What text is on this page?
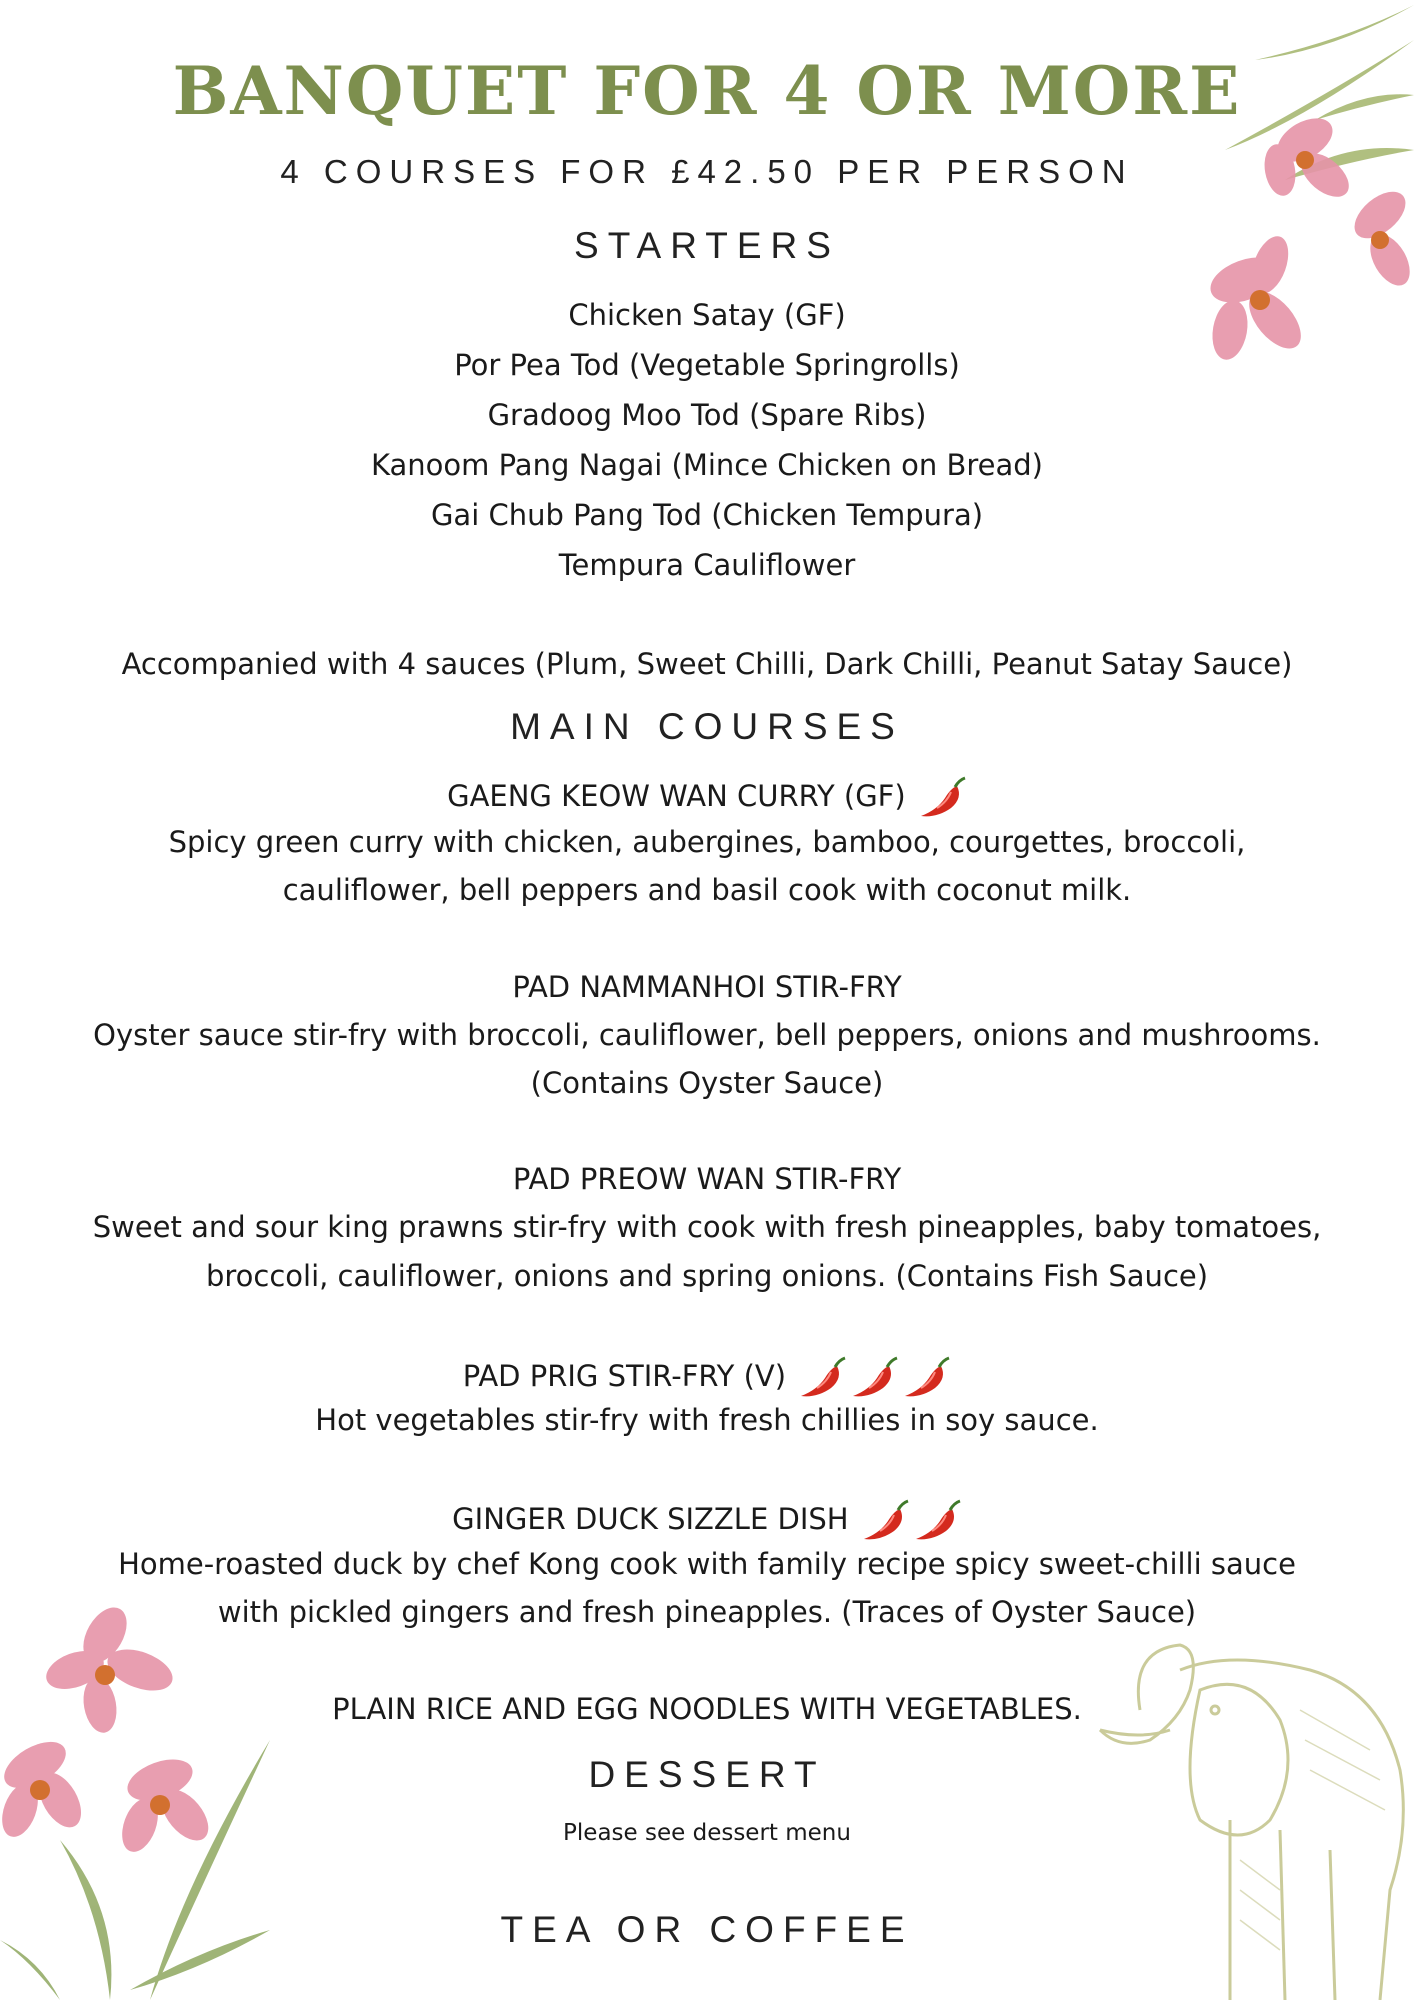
BANQUET FOR 4 OR MORE
4 COURSES FOR £42.50 PER PERSON
STARTERS
Chicken Satay (GF)
Por Pea Tod (Vegetable Springrolls)
Gradoog Moo Tod (Spare Ribs)
Kanoom Pang Nagai (Mince Chicken on Bread)
Gai Chub Pang Tod (Chicken Tempura)
Tempura Cauliflower
Accompanied with 4 sauces (Plum, Sweet Chilli, Dark Chilli, Peanut Satay Sauce)
MAIN COURSES
GAENG KEOW WAN CURRY (GF)
Spicy green curry with chicken, aubergines, bamboo, courgettes, broccoli,
cauliflower, bell peppers and basil cook with coconut milk.
PAD NAMMANHOI STIR-FRY
Oyster sauce stir-fry with broccoli, cauliflower, bell peppers, onions and mushrooms.
(Contains Oyster Sauce)
PAD PREOW WAN STIR-FRY
Sweet and sour king prawns stir-fry with cook with fresh pineapples, baby tomatoes,
broccoli, cauliflower, onions and spring onions. (Contains Fish Sauce)
PAD PRIG STIR-FRY (V)
Hot vegetables stir-fry with fresh chillies in soy sauce.
GINGER DUCK SIZZLE DISH
Home-roasted duck by chef Kong cook with family recipe spicy sweet-chilli sauce
with pickled gingers and fresh pineapples. (Traces of Oyster Sauce)
PLAIN RICE AND EGG NOODLES WITH VEGETABLES.
DESSERT
Please see dessert menu
TEA OR COFFEE
